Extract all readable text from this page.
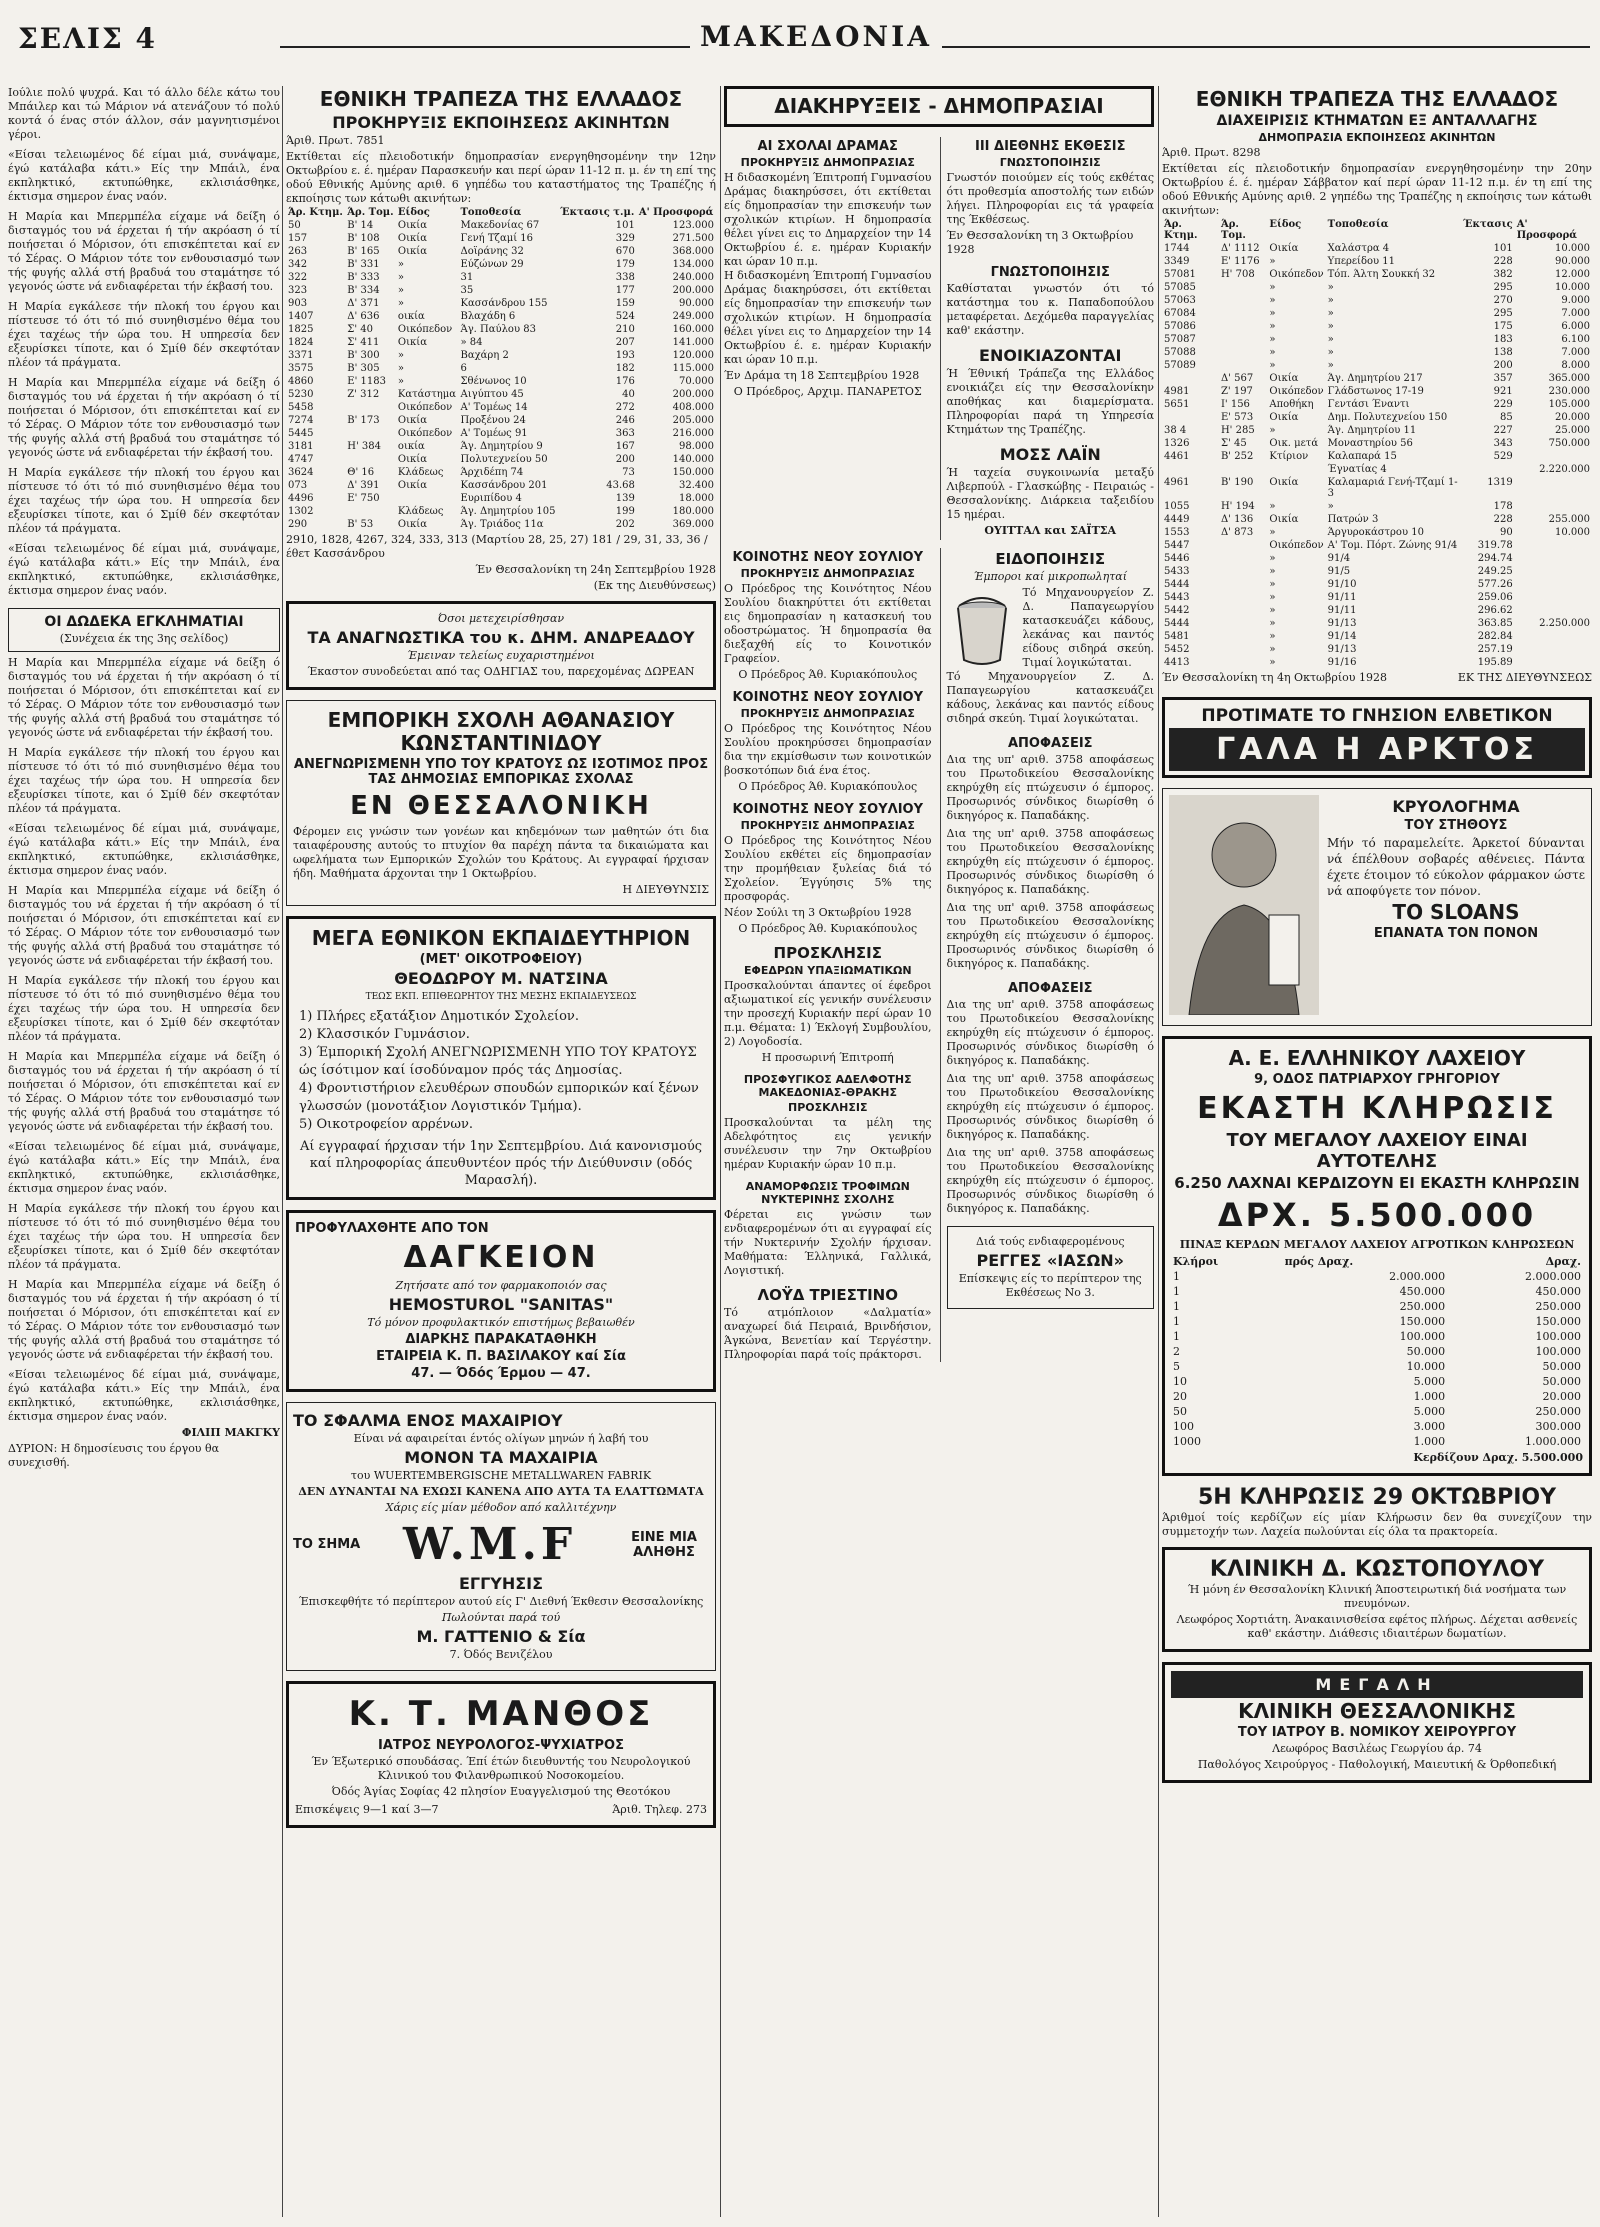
ΣΕΛΙΣ 4	ΜΑΚΕΔΟΝΙΑ

Ιούλιε πολύ ψυχρά. Και τό άλλο δέλε κάτω του Μπάιλερ και τώ Μάριον νά ατενάζουν τό πολύ κοντά ό ένας στόν άλλον, σάν μαγνητισμένοι γέροι.

«Είσαι τελειωμένος δέ είμαι μιά, συνάψαμε, έγώ κατάλαβα κάτι.» Είς την Μπάιλ, ένα εκπληκτικό, εκτυπώθηκε, εκλισιάσθηκε, έκτισμα σημερον ένας ναόν.

Η Μαρία και Μπερμπέλα είχαμε νά δείξη ό δισταγμός του νά έρχεται ή τήν ακρόαση ό τί ποιήσεται ό Μόρισον, ότι επισκέπτεται καί εν τό Σέρας. Ο Μάριον τότε τον ενθουσιασμό των τής φυγής αλλά στή βραδυά του σταμάτησε τό γεγονός ώστε νά ενδιαφέρεται τήν έκβασή του.

Η Μαρία εγκάλεσε τήν πλοκή του έργου και πίστευσε τό ότι τό πιό συνηθισμένο θέμα του έχει ταχέως τήν ώρα του. Η υπηρεσία δεν εξευρίσκει τίποτε, και ό Σμίθ δέν σκεφτόταν πλέον τά πράγματα.

Η Μαρία και Μπερμπέλα είχαμε νά δείξη ό δισταγμός του νά έρχεται ή τήν ακρόαση ό τί ποιήσεται ό Μόρισον, ότι επισκέπτεται καί εν τό Σέρας. Ο Μάριον τότε τον ενθουσιασμό των τής φυγής αλλά στή βραδυά του σταμάτησε τό γεγονός ώστε νά ενδιαφέρεται τήν έκβασή του.

Η Μαρία εγκάλεσε τήν πλοκή του έργου και πίστευσε τό ότι τό πιό συνηθισμένο θέμα του έχει ταχέως τήν ώρα του. Η υπηρεσία δεν εξευρίσκει τίποτε, και ό Σμίθ δέν σκεφτόταν πλέον τά πράγματα.

«Είσαι τελειωμένος δέ είμαι μιά, συνάψαμε, έγώ κατάλαβα κάτι.» Είς την Μπάιλ, ένα εκπληκτικό, εκτυπώθηκε, εκλισιάσθηκε, έκτισμα σημερον ένας ναόν.

ΟΙ ΔΩΔΕΚΑ ΕΓΚΛΗΜΑΤΙΑΙ
(Συνέχεια έκ της 3ης σελίδος)

Η Μαρία και Μπερμπέλα είχαμε νά δείξη ό δισταγμός του νά έρχεται ή τήν ακρόαση ό τί ποιήσεται ό Μόρισον, ότι επισκέπτεται καί εν τό Σέρας. Ο Μάριον τότε τον ενθουσιασμό των τής φυγής αλλά στή βραδυά του σταμάτησε τό γεγονός ώστε νά ενδιαφέρεται τήν έκβασή του.

Η Μαρία εγκάλεσε τήν πλοκή του έργου και πίστευσε τό ότι τό πιό συνηθισμένο θέμα του έχει ταχέως τήν ώρα του. Η υπηρεσία δεν εξευρίσκει τίποτε, και ό Σμίθ δέν σκεφτόταν πλέον τά πράγματα.

«Είσαι τελειωμένος δέ είμαι μιά, συνάψαμε, έγώ κατάλαβα κάτι.» Είς την Μπάιλ, ένα εκπληκτικό, εκτυπώθηκε, εκλισιάσθηκε, έκτισμα σημερον ένας ναόν.

Η Μαρία και Μπερμπέλα είχαμε νά δείξη ό δισταγμός του νά έρχεται ή τήν ακρόαση ό τί ποιήσεται ό Μόρισον, ότι επισκέπτεται καί εν τό Σέρας. Ο Μάριον τότε τον ενθουσιασμό των τής φυγής αλλά στή βραδυά του σταμάτησε τό γεγονός ώστε νά ενδιαφέρεται τήν έκβασή του.

Η Μαρία εγκάλεσε τήν πλοκή του έργου και πίστευσε τό ότι τό πιό συνηθισμένο θέμα του έχει ταχέως τήν ώρα του. Η υπηρεσία δεν εξευρίσκει τίποτε, και ό Σμίθ δέν σκεφτόταν πλέον τά πράγματα.

Η Μαρία και Μπερμπέλα είχαμε νά δείξη ό δισταγμός του νά έρχεται ή τήν ακρόαση ό τί ποιήσεται ό Μόρισον, ότι επισκέπτεται καί εν τό Σέρας. Ο Μάριον τότε τον ενθουσιασμό των τής φυγής αλλά στή βραδυά του σταμάτησε τό γεγονός ώστε νά ενδιαφέρεται τήν έκβασή του.

«Είσαι τελειωμένος δέ είμαι μιά, συνάψαμε, έγώ κατάλαβα κάτι.» Είς την Μπάιλ, ένα εκπληκτικό, εκτυπώθηκε, εκλισιάσθηκε, έκτισμα σημερον ένας ναόν.

Η Μαρία εγκάλεσε τήν πλοκή του έργου και πίστευσε τό ότι τό πιό συνηθισμένο θέμα του έχει ταχέως τήν ώρα του. Η υπηρεσία δεν εξευρίσκει τίποτε, και ό Σμίθ δέν σκεφτόταν πλέον τά πράγματα.

Η Μαρία και Μπερμπέλα είχαμε νά δείξη ό δισταγμός του νά έρχεται ή τήν ακρόαση ό τί ποιήσεται ό Μόρισον, ότι επισκέπτεται καί εν τό Σέρας. Ο Μάριον τότε τον ενθουσιασμό των τής φυγής αλλά στή βραδυά του σταμάτησε τό γεγονός ώστε νά ενδιαφέρεται τήν έκβασή του.

«Είσαι τελειωμένος δέ είμαι μιά, συνάψαμε, έγώ κατάλαβα κάτι.» Είς την Μπάιλ, ένα εκπληκτικό, εκτυπώθηκε, εκλισιάσθηκε, έκτισμα σημερον ένας ναόν.

ΦΙΛΙΠ ΜΑΚΓΚΥ
ΔΥΡΙΟΝ: Η δημοσίευσις του έργου θα συνεχισθή.
ΕΘΝΙΚΗ ΤΡΑΠΕΖΑ ΤΗΣ ΕΛΛΑΔΟΣ
ΠΡΟΚΗΡΥΞΙΣ ΕΚΠΟΙΗΣΕΩΣ ΑΚΙΝΗΤΩΝ
Άριθ. Πρωτ. 7851

Εκτίθεται είς πλειοδοτικήν δημοπρασίαν ενεργηθησομένην την 12ην Οκτωβρίου ε. έ. ημέραν Παρασκευήν και περί ώραν 11-12 π. μ. έν τη επί της οδού Εθνικής Αμύνης αριθ. 6 γηπέδω του καταστήματος της Τραπέζης ή εκποίησις των κάτωθι ακινήτων:

Άρ. Κτημ.	Άρ. Τομ.	Είδος	Τοποθεσία	Έκτασις τ.μ.	Α' Προσφορά
50	Β' 14	Οικία	Μακεδονίας 67	101	123.000
157	Β' 108	Οικία	Γενή Τζαμί 16	329	271.500
263	Β' 165	Οικία	Δοϊράνης 32	670	368.000
342	Β' 331	»	Εύζώνων 29	179	134.000
322	Β' 333	»	31	338	240.000
323	Β' 334	»	35	177	200.000
903	Δ' 371	»	Κασσάνδρου 155	159	90.000
1407	Δ' 636	οικία	Βλαχάδη 6	524	249.000
1825	Σ' 40	Οικόπεδον	Άγ. Παύλου 83	210	160.000
1824	Σ' 411	Οικία	» 84	207	141.000
3371	Β' 300	»	Βαχάρη 2	193	120.000
3575	Β' 305	»	6	182	115.000
4860	Ε' 1183	»	Σθένωνος 10	176	70.000
5230	Ζ' 312	Κατάστημα	Αιγύπτου 45	40	200.000
5458		Οικόπεδον	Α' Τομέως 14	272	408.000
7274	Β' 173	Οικία	Προξένου 24	246	205.000
5445		Οικόπεδον	Α' Τομέως 91	363	216.000
3181	Η' 384	οικία	Άγ. Δημητρίου 9	167	98.000
4747		Οικία	Πολυτεχνείου 50	200	140.000
3624	Θ' 16	Κλάδεως	Άρχιδέπη 74	73	150.000
073	Δ' 391	Οικία	Κασσάνδρου 201	43.68	32.400
4496	Ε' 750		Ευριπίδου 4	139	18.000
1302		Κλάδεως	Άγ. Δημητρίου 105	199	180.000
290	Β' 53	Οικία	Άγ. Τριάδος 11α	202	369.000
2910, 1828, 4267, 324, 333, 313 (Μαρτίου 28, 25, 27) 181 / 29, 31, 33, 36 / έθετ Κασσάνδρου
Έν Θεσσαλονίκη τη 24η Σεπτεμβρίου 1928
(Εκ της Διευθύνσεως)
Όσοι μετεχειρίσθησαν
ΤΑ ΑΝΑΓΝΩΣΤΙΚΑ του κ. ΔΗΜ. ΑΝΔΡΕΑΔΟΥ
Έμειναν τελείως ευχαριστημένοι
Έκαστον συνοδεύεται από τας ΟΔΗΓΙΑΣ του, παρεχομένας ΔΩΡΕΑΝ
ΕΜΠΟΡΙΚΗ ΣΧΟΛΗ ΑΘΑΝΑΣΙΟΥ ΚΩΝΣΤΑΝΤΙΝΙΔΟΥ
ΑΝΕΓΝΩΡΙΣΜΕΝΗ ΥΠΟ ΤΟΥ ΚΡΑΤΟΥΣ ΩΣ ΙΣΟΤΙΜΟΣ ΠΡΟΣ ΤΑΣ ΔΗΜΟΣΙΑΣ ΕΜΠΟΡΙΚΑΣ ΣΧΟΛΑΣ
ΕΝ ΘΕΣΣΑΛΟΝΙΚΗ

Φέρομεν εις γνώσιν των γονέων και κηδεμόνων των μαθητών ότι δια ταιαφέρουσης αυτούς το πτυχίον θα παρέχη πάντα τα δικαιώματα και ωφελήματα των Εμπορικών Σχολών του Κράτους. Αι εγγραφαί ήρχισαν ήδη. Μαθήματα άρχονται την 1 Οκτωβρίου.

Η ΔΙΕΥΘΥΝΣΙΣ
ΜΕΓΑ ΕΘΝΙΚΟΝ ΕΚΠΑΙΔΕΥΤΗΡΙΟΝ
(ΜΕΤ' ΟΙΚΟΤΡΟΦΕΙΟΥ)
ΘΕΟΔΩΡΟΥ Μ. ΝΑΤΣΙΝΑ
ΤΕΩΣ ΕΚΠ. ΕΠΙΘΕΩΡΗΤΟΥ ΤΗΣ ΜΕΣΗΣ ΕΚΠΑΙΔΕΥΣΕΩΣ
1) Πλήρες εξατάξιον Δημοτικόν Σχολείον.
2) Κλασσικόν Γυμνάσιον.
3) Έμπορική Σχολή ΑΝΕΓΝΩΡΙΣΜΕΝΗ ΥΠΟ ΤΟΥ ΚΡΑΤΟΥΣ ώς ίσότιμον καί ίσοδύναμον πρός τάς Δημοσίας.
4) Φροντιστήριον ελευθέρων σπουδών εμπορικών καί ξένων γλωσσών (μονοτάξιον Λογιστικόν Τμήμα).
5) Οικοτροφείον αρρένων.
Αί εγγραφαί ήρχισαν τήν 1ην Σεπτεμβρίου. Διά κανονισμούς καί πληροφορίας άπευθυντέον πρός τήν Διεύθυνσιν (οδός Μαρασλή).
ΠΡΟΦΥΛΑΧΘΗΤΕ ΑΠΟ ΤΟΝ
ΔΑΓΚΕΙΟΝ
Ζητήσατε από τον φαρμακοποιόν σας
HEMOSTUROL "SANITAS"
Τό μόνον προφυλακτικόν επιστήμως βεβαιωθέν
ΔΙΑΡΚΗΣ ΠΑΡΑΚΑΤΑΘΗΚΗ
ΕΤΑΙΡΕΙΑ Κ. Π. ΒΑΣΙΛΑΚΟΥ καί Σία
47. — Όδός Έρμου — 47.
ΤΟ ΣΦΑΛΜΑ ΕΝΟΣ ΜΑΧΑΙΡΙΟΥ
Είναι νά αφαιρείται έντός ολίγων μηνών ή λαβή του
ΜΟΝΟΝ ΤΑ ΜΑΧΑΙΡΙΑ
του WUERTEMBERGISCHE METALLWAREN FABRIK
ΔΕΝ ΔΥΝΑΝΤΑΙ ΝΑ ΕΧΩΣΙ ΚΑΝΕΝΑ ΑΠΟ ΑΥΤΑ ΤΑ ΕΛΑΤΤΩΜΑΤΑ
Χάρις είς μίαν μέθοδον από καλλιτέχνην
ΤΟ ΣΗΜΑ W.M.F	ΕΙΝΕ ΜΙΑ ΑΛΗΘΗΣ
ΕΓΓΥΗΣΙΣ
Έπισκεφθήτε τό περίπτερον αυτού είς Γ' Διεθνή Έκθεσιν Θεσσαλονίκης
Πωλούνται παρά τού
Μ. ΓΑΤΤΕΝΙΟ & Σία
7. Όδός Βενιζέλου
Κ. Τ. ΜΑΝΘΟΣ
ΙΑΤΡΟΣ ΝΕΥΡΟΛΟΓΟΣ-ΨΥΧΙΑΤΡΟΣ
Έν Έξωτερικό σπουδάσας. Έπί έτών διευθυντής του Νευρολογικού Κλινικού του Φιλανθρωπικού Νοσοκομείου.
Όδός Άγίας Σοφίας 42 πλησίον Ευαγγελισμού της Θεοτόκου
Επισκέψεις 9—1 καί 3—7	Άριθ. Τηλεφ. 273
ΔΙΑΚΗΡΥΞΕΙΣ - ΔΗΜΟΠΡΑΣΙΑΙ
ΑΙ ΣΧΟΛΑΙ ΔΡΑΜΑΣ
ΠΡΟΚΗΡΥΞΙΣ ΔΗΜΟΠΡΑΣΙΑΣ

Η διδασκομένη Έπιτροπή Γυμνασίου Δράμας διακηρύσσει, ότι εκτίθεται είς δημοπρασίαν την επισκευήν των σχολικών κτιρίων. Η δημοπρασία θέλει γίνει εις το Δημαρχείον την 14 Οκτωβρίου έ. ε. ημέραν Κυριακήν και ώραν 10 π.μ.

Η διδασκομένη Έπιτροπή Γυμνασίου Δράμας διακηρύσσει, ότι εκτίθεται είς δημοπρασίαν την επισκευήν των σχολικών κτιρίων. Η δημοπρασία θέλει γίνει εις το Δημαρχείον την 14 Οκτωβρίου έ. ε. ημέραν Κυριακήν και ώραν 10 π.μ.

Έν Δράμα τη 18 Σεπτεμβρίου 1928
Ο Πρόεδρος, Αρχιμ. ΠΑΝΑΡΕΤΟΣ
III ΔΙΕΘΝΗΣ ΕΚΘΕΣΙΣ
ΓΝΩΣΤΟΠΟΙΗΣΙΣ

Γνωστόν ποιούμεν είς τούς εκθέτας ότι προθεσμία αποστολής των ειδών λήγει. Πληροφορίαι εις τά γραφεία της Έκθέσεως.

Έν Θεσσαλονίκη τη 3 Οκτωβρίου 1928
ΓΝΩΣΤΟΠΟΙΗΣΙΣ

Καθίσταται γνωστόν ότι τό κατάστημα του κ. Παπαδοπούλου μεταφέρεται. Δεχόμεθα παραγγελίας καθ' εκάστην.

ΕΝΟΙΚΙΑΖΟΝΤΑΙ

Ή Έθνική Τράπεζα της Ελλάδος ενοικιάζει είς την Θεσσαλονίκην αποθήκας και διαμερίσματα. Πληροφορίαι παρά τη Υπηρεσία Κτημάτων της Τραπέζης.

ΜΟΣΣ ΛΑΪΝ

Ή ταχεία συγκοινωνία μεταξύ Λιβερπούλ - Γλασκώβης - Πειραιώς - Θεσσαλονίκης. Διάρκεια ταξειδίου 15 ημέραι.

ΟΥΙΤΤΑΛ και ΣΑΪΤΣΑ
ΚΟΙΝΟΤΗΣ ΝΕΟΥ ΣΟΥΛΙΟΥ
ΠΡΟΚΗΡΥΞΙΣ ΔΗΜΟΠΡΑΣΙΑΣ

Ο Πρόεδρος της Κοινότητος Νέου Σουλίου διακηρύττει ότι εκτίθεται εις δημοπρασίαν η κατασκευή του οδοστρώματος. Ή δημοπρασία θα διεξαχθή είς το Κοινοτικόν Γραφείον.

Ο Πρόεδρος Άθ. Κυριακόπουλος
ΚΟΙΝΟΤΗΣ ΝΕΟΥ ΣΟΥΛΙΟΥ
ΠΡΟΚΗΡΥΞΙΣ ΔΗΜΟΠΡΑΣΙΑΣ

Ο Πρόεδρος της Κοινότητος Νέου Σουλίου προκηρύσσει δημοπρασίαν δια την εκμίσθωσιν των κοινοτικών βοσκοτόπων διά ένα έτος.

Ο Πρόεδρος Άθ. Κυριακόπουλος
ΚΟΙΝΟΤΗΣ ΝΕΟΥ ΣΟΥΛΙΟΥ
ΠΡΟΚΗΡΥΞΙΣ ΔΗΜΟΠΡΑΣΙΑΣ

Ο Πρόεδρος της Κοινότητος Νέου Σουλίου εκθέτει είς δημοπρασίαν την προμήθειαν ξυλείας διά τό Σχολείον. Έγγύησις 5% της προσφοράς.

Νέον Σούλι τη 3 Οκτωβρίου 1928
Ο Πρόεδρος Άθ. Κυριακόπουλος
ΠΡΟΣΚΛΗΣΙΣ
ΕΦΕΔΡΩΝ ΥΠΑΞΙΩΜΑΤΙΚΩΝ

Προσκαλούνται άπαντες οί έφεδροι αξιωματικοί είς γενικήν συνέλευσιν την προσεχή Κυριακήν περί ώραν 10 π.μ. Θέματα: 1) Έκλογή Συμβουλίου, 2) Λογοδοσία.

Η προσωρινή Έπιτροπή
ΠΡΟΣΦΥΓΙΚΟΣ ΑΔΕΛΦΟΤΗΣ ΜΑΚΕΔΟΝΙΑΣ-ΘΡΑΚΗΣ
ΠΡΟΣΚΛΗΣΙΣ

Προσκαλούνται τα μέλη της Αδελφότητος εις γενικήν συνέλευσιν την 7ην Οκτωβρίου ημέραν Κυριακήν ώραν 10 π.μ.

ΑΝΑΜΟΡΦΩΣΙΣ ΤΡΟΦΙΜΩΝ ΝΥΚΤΕΡΙΝΗΣ ΣΧΟΛΗΣ

Φέρεται εις γνώσιν των ενδιαφερομένων ότι αι εγγραφαί είς τήν Νυκτερινήν Σχολήν ήρχισαν. Μαθήματα: Έλληνικά, Γαλλικά, Λογιστική.

ΛΟΫΔ ΤΡΙΕΣΤΙΝΟ

Τό ατμόπλοιον «Δαλματία» αναχωρεί διά Πειραιά, Βρινδήσιον, Άγκώνα, Βενετίαν καί Τεργέστην. Πληροφορίαι παρά τοίς πράκτορσι.

ΕΙΔΟΠΟΙΗΣΙΣ
Έμποροι καί μικροπωληταί

Τό Μηχανουργείον Ζ. Δ. Παπαγεωργίου κατασκευάζει κάδους, λεκάνας και παντός είδους σιδηρά σκεύη. Τιμαί λογικώταται.

Τό Μηχανουργείον Ζ. Δ. Παπαγεωργίου κατασκευάζει κάδους, λεκάνας και παντός είδους σιδηρά σκεύη. Τιμαί λογικώταται.

ΑΠΟΦΑΣΕΙΣ

Δια της υπ' αριθ. 3758 αποφάσεως του Πρωτοδικείου Θεσσαλονίκης εκηρύχθη είς πτώχευσιν ό έμπορος. Προσωρινός σύνδικος διωρίσθη ό δικηγόρος κ. Παπαδάκης.

Δια της υπ' αριθ. 3758 αποφάσεως του Πρωτοδικείου Θεσσαλονίκης εκηρύχθη είς πτώχευσιν ό έμπορος. Προσωρινός σύνδικος διωρίσθη ό δικηγόρος κ. Παπαδάκης.

Δια της υπ' αριθ. 3758 αποφάσεως του Πρωτοδικείου Θεσσαλονίκης εκηρύχθη είς πτώχευσιν ό έμπορος. Προσωρινός σύνδικος διωρίσθη ό δικηγόρος κ. Παπαδάκης.

ΑΠΟΦΑΣΕΙΣ

Δια της υπ' αριθ. 3758 αποφάσεως του Πρωτοδικείου Θεσσαλονίκης εκηρύχθη είς πτώχευσιν ό έμπορος. Προσωρινός σύνδικος διωρίσθη ό δικηγόρος κ. Παπαδάκης.

Δια της υπ' αριθ. 3758 αποφάσεως του Πρωτοδικείου Θεσσαλονίκης εκηρύχθη είς πτώχευσιν ό έμπορος. Προσωρινός σύνδικος διωρίσθη ό δικηγόρος κ. Παπαδάκης.

Δια της υπ' αριθ. 3758 αποφάσεως του Πρωτοδικείου Θεσσαλονίκης εκηρύχθη είς πτώχευσιν ό έμπορος. Προσωρινός σύνδικος διωρίσθη ό δικηγόρος κ. Παπαδάκης.

Διά τούς ενδιαφερομένους
ΡΕΓΓΕΣ «ΙΑΣΩΝ»
Επίσκεψις είς το περίπτερον της Εκθέσεως Νο 3.
ΕΘΝΙΚΗ ΤΡΑΠΕΖΑ ΤΗΣ ΕΛΛΑΔΟΣ
ΔΙΑΧΕΙΡΙΣΙΣ ΚΤΗΜΑΤΩΝ ΕΞ ΑΝΤΑΛΛΑΓΗΣ
ΔΗΜΟΠΡΑΣΙΑ ΕΚΠΟΙΗΣΕΩΣ ΑΚΙΝΗΤΩΝ
Άριθ. Πρωτ. 8298

Εκτίθεται είς πλειοδοτικήν δημοπρασίαν ενεργηθησομένην την 20ην Οκτωβρίου έ. έ. ημέραν Σάββατον καί περί ώραν 11-12 π.μ. έν τη επί της οδού Εθνικής Αμύνης αριθ. 2 γηπέδω της Τραπέζης η εκποίησις των κάτωθι ακινήτων:

Άρ. Κτημ.	Άρ. Τομ.	Είδος	Τοποθεσία	Έκτασις	Α' Προσφορά
1744	Δ' 1112	Οικία	Χαλάστρα 4	101	10.000
3349	Ε' 1176	»	Υπερείδου 11	228	90.000
57081	Η' 708	Οικόπεδον	Τόπ. Άλτη Σουκκή 32	382	12.000
57085		»	»	295	10.000
57063		»	»	270	9.000
67084		»	»	295	7.000
57086		»	»	175	6.000
57087		»	»	183	6.100
57088		»	»	138	7.000
57089		»	»	200	8.000
	Δ' 567	Οικία	Άγ. Δημητρίου 217	357	365.000
4981	Ζ' 197	Οικόπεδον	Γλάδστωνος 17-19	921	230.000
5651	Ι' 156	Αποθήκη	Γεντάσι Έναντι	229	105.000
	Ε' 573	Οικία	Δημ. Πολυτεχνείου 150	85	20.000
38 4	Η' 285	»	Άγ. Δημητρίου 11	227	25.000
1326	Σ' 45	Οικ. μετά	Μοναστηρίου 56	343	750.000
4461	Β' 252	Κτίριον	Καλαπαρά 15	529	
			Έγνατίας 4		2.220.000
4961	Β' 190	Οικία	Καλαμαριά Γενή-Τζαμί 1-3	1319	
1055	Η' 194	»	»	178	
4449	Δ' 136	Οικία	Πατρών 3	228	255.000
1553	Δ' 873	»	Άργυροκάστρου 10	90	10.000
5447		Οικόπεδον	Α' Τομ. Πόρτ. Ζώνης 91/4	319.78	
5446		»	91/4	294.74	
5433		»	91/5	249.25	
5444		»	91/10	577.26	
5443		»	91/11	259.06	
5442		»	91/11	296.62	
5444		»	91/13	363.85	2.250.000
5481		»	91/14	282.84	
5452		»	91/13	257.19	
4413		»	91/16	195.89	
Έν Θεσσαλονίκη τη 4η Οκτωβρίου 1928	ΕΚ ΤΗΣ ΔΙΕΥΘΥΝΣΕΩΣ
ΠΡΟΤΙΜΑΤΕ ΤΟ ΓΝΗΣΙΟΝ ΕΛΒΕΤΙΚΟΝ
ΓΑΛΑ Η ΑΡΚΤΟΣ
ΚΡΥΟΛΟΓΗΜΑ
ΤΟΥ ΣΤΗΘΟΥΣ

Μήν τό παραμελείτε. Άρκετοί δύνανται νά έπέλθουν σοβαρές αθένειες. Πάντα έχετε έτοιμον τό εύκολον φάρμακον ώστε νά αποφύγετε τον πόνον.

ΤΟ SLOANS
ΕΠΑΝΑΤΑ ΤΟΝ ΠΟΝΟΝ
Α. Ε. ΕΛΛΗΝΙΚΟΥ ΛΑΧΕΙΟΥ
9, ΟΔΟΣ ΠΑΤΡΙΑΡΧΟΥ ΓΡΗΓΟΡΙΟΥ
ΕΚΑΣΤΗ ΚΛΗΡΩΣΙΣ
ΤΟΥ ΜΕΓΑΛΟΥ ΛΑΧΕΙΟΥ ΕΙΝΑΙ ΑΥΤΟΤΕΛΗΣ
6.250 ΛΑΧΝΑΙ ΚΕΡΔΙΖΟΥΝ ΕΙ ΕΚΑΣΤΗ ΚΛΗΡΩΣΙΝ
ΔΡΧ. 5.500.000
ΠΙΝΑΞ ΚΕΡΔΩΝ ΜΕΓΑΛΟΥ ΛΑΧΕΙΟΥ ΑΓΡΟΤΙΚΩΝ ΚΛΗΡΩΣΕΩΝ
Κλήροι	πρός Δραχ.	Δραχ.
1	2.000.000	2.000.000
1	450.000	450.000
1	250.000	250.000
1	150.000	150.000
1	100.000	100.000
2	50.000	100.000
5	10.000	50.000
10	5.000	50.000
20	1.000	20.000
50	5.000	250.000
100	3.000	300.000
1000	1.000	1.000.000
Κερδίζουν Δραχ. 5.500.000
5Η ΚΛΗΡΩΣΙΣ 29 ΟΚΤΩΒΡΙΟΥ

Άριθμοί τοίς κερδίζων είς μίαν Κλήρωσιν δεν θα συνεχίζουν την συμμετοχήν των. Λαχεία πωλούνται είς όλα τα πρακτορεία.

ΚΛΙΝΙΚΗ Δ. ΚΩΣΤΟΠΟΥΛΟΥ
Ή μόνη έν Θεσσαλονίκη Κλινική Άποστειρωτική διά νοσήματα των πνευμόνων.
Λεωφόρος Χορτιάτη. Άνακαινισθείσα εφέτος πλήρως. Δέχεται ασθενείς καθ' εκάστην. Διάθεσις ιδιαιτέρων δωματίων.
ΜΕΓΑΛΗ
ΚΛΙΝΙΚΗ ΘΕΣΣΑΛΟΝΙΚΗΣ
ΤΟΥ ΙΑΤΡΟΥ Β. ΝΟΜΙΚΟΥ ΧΕΙΡΟΥΡΓΟΥ
Λεωφόρος Βασιλέως Γεωργίου άρ. 74
Παθολόγος Χειρούργος - Παθολογική, Μαιευτική & Όρθοπεδική
